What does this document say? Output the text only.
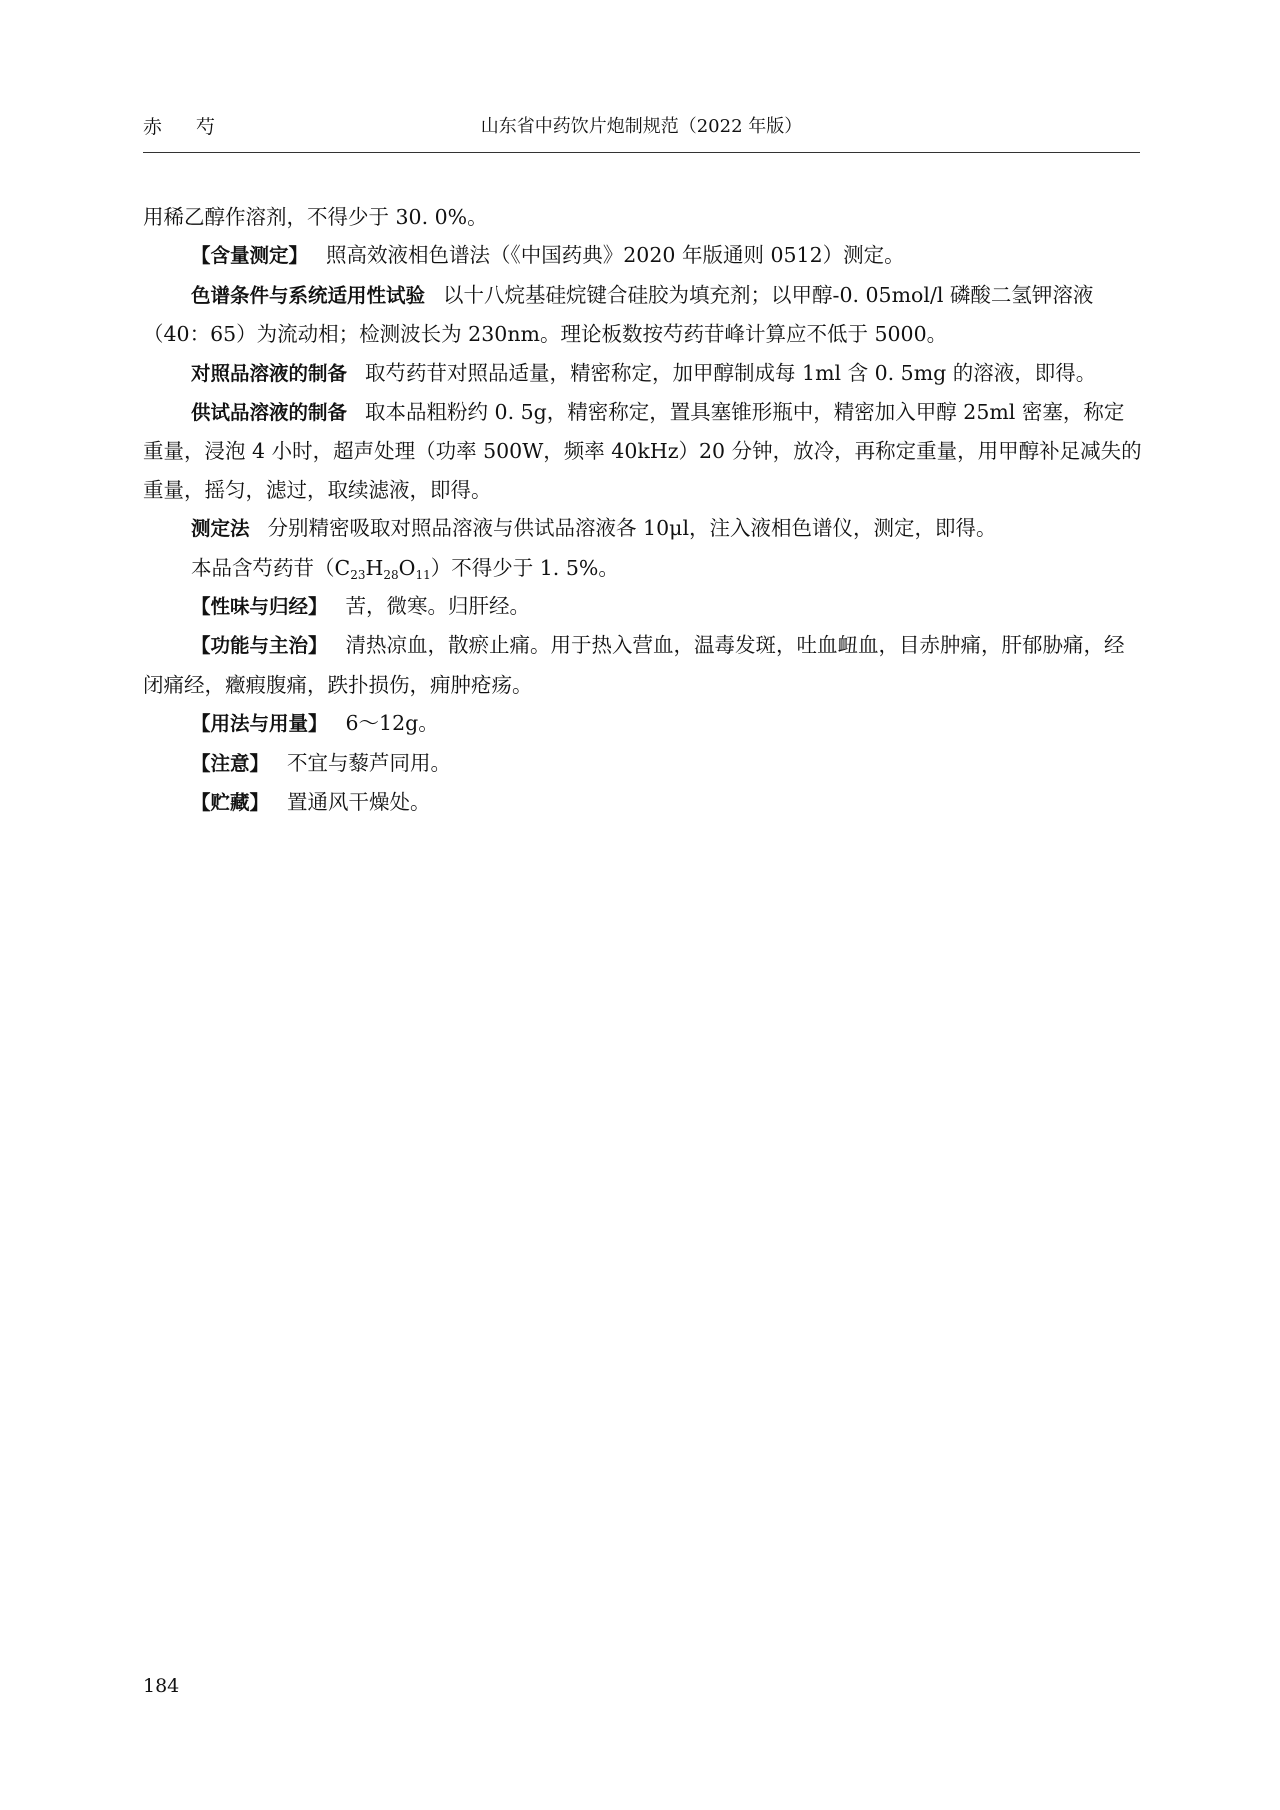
赤 芍	山东省中药饮片炮制规范（2022 年版）

用稀乙醇作溶剂，不得少于 30. 0%。

【含量测定】 照高效液相色谱法（《中国药典》2020 年版通则 0512）测定。

色谱条件与系统适用性试验 以十八烷基硅烷键合硅胶为填充剂；以甲醇-0. 05mol/l 磷酸二氢钾溶液（40：65）为流动相；检测波长为 230nm。理论板数按芍药苷峰计算应不低于 5000。

对照品溶液的制备 取芍药苷对照品适量，精密称定，加甲醇制成每 1ml 含 0. 5mg 的溶液，即得。

供试品溶液的制备 取本品粗粉约 0. 5g，精密称定，置具塞锥形瓶中，精密加入甲醇 25ml 密塞，称定重量，浸泡 4 小时，超声处理（功率 500W，频率 40kHz）20 分钟，放冷，再称定重量，用甲醇补足减失的重量，摇匀，滤过，取续滤液，即得。

测定法 分别精密吸取对照品溶液与供试品溶液各 10μl，注入液相色谱仪，测定，即得。

本品含芍药苷$(C_{23}H_{28}O_{11})$不得少于 1. 5%。

【性味与归经】 苦，微寒。归肝经。

【功能与主治】 清热凉血，散瘀止痛。用于热入营血，温毒发斑，吐血衄血，目赤肿痛，肝郁胁痛，经闭痛经，癥瘕腹痛，跌扑损伤，痈肿疮疡。

【用法与用量】 6～12g。

【注意】 不宜与藜芦同用。

【贮藏】 置通风干燥处。

184
